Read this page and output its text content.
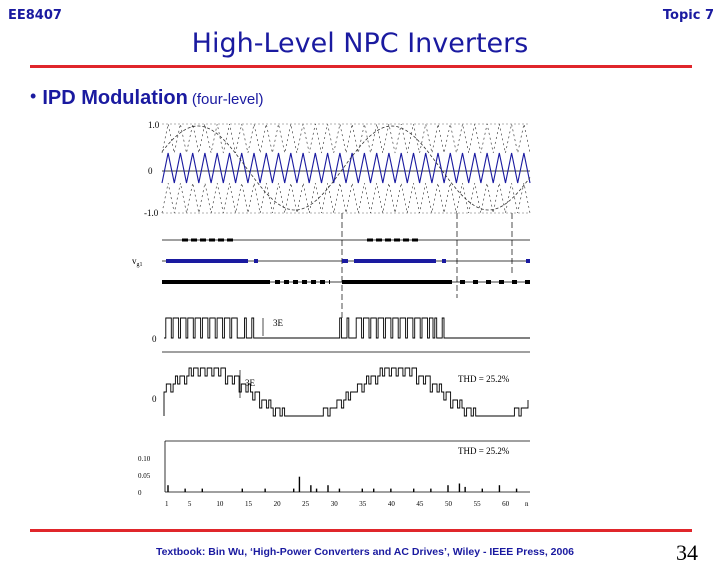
EE8407	Topic 7
High-Level NPC Inverters
• IPD Modulation (four-level)
1.0
0
-1.0
$v_{g1}$
0
3E
0
THD = 25.2%
3E
THD = 25.2%
0.10
0.05
0
1	5	10	15	20	25	30	35	40	45	50	55	60 n
Textbook: Bin Wu, ‘High-Power Converters and AC Drives’, Wiley - IEEE Press, 2006	34
